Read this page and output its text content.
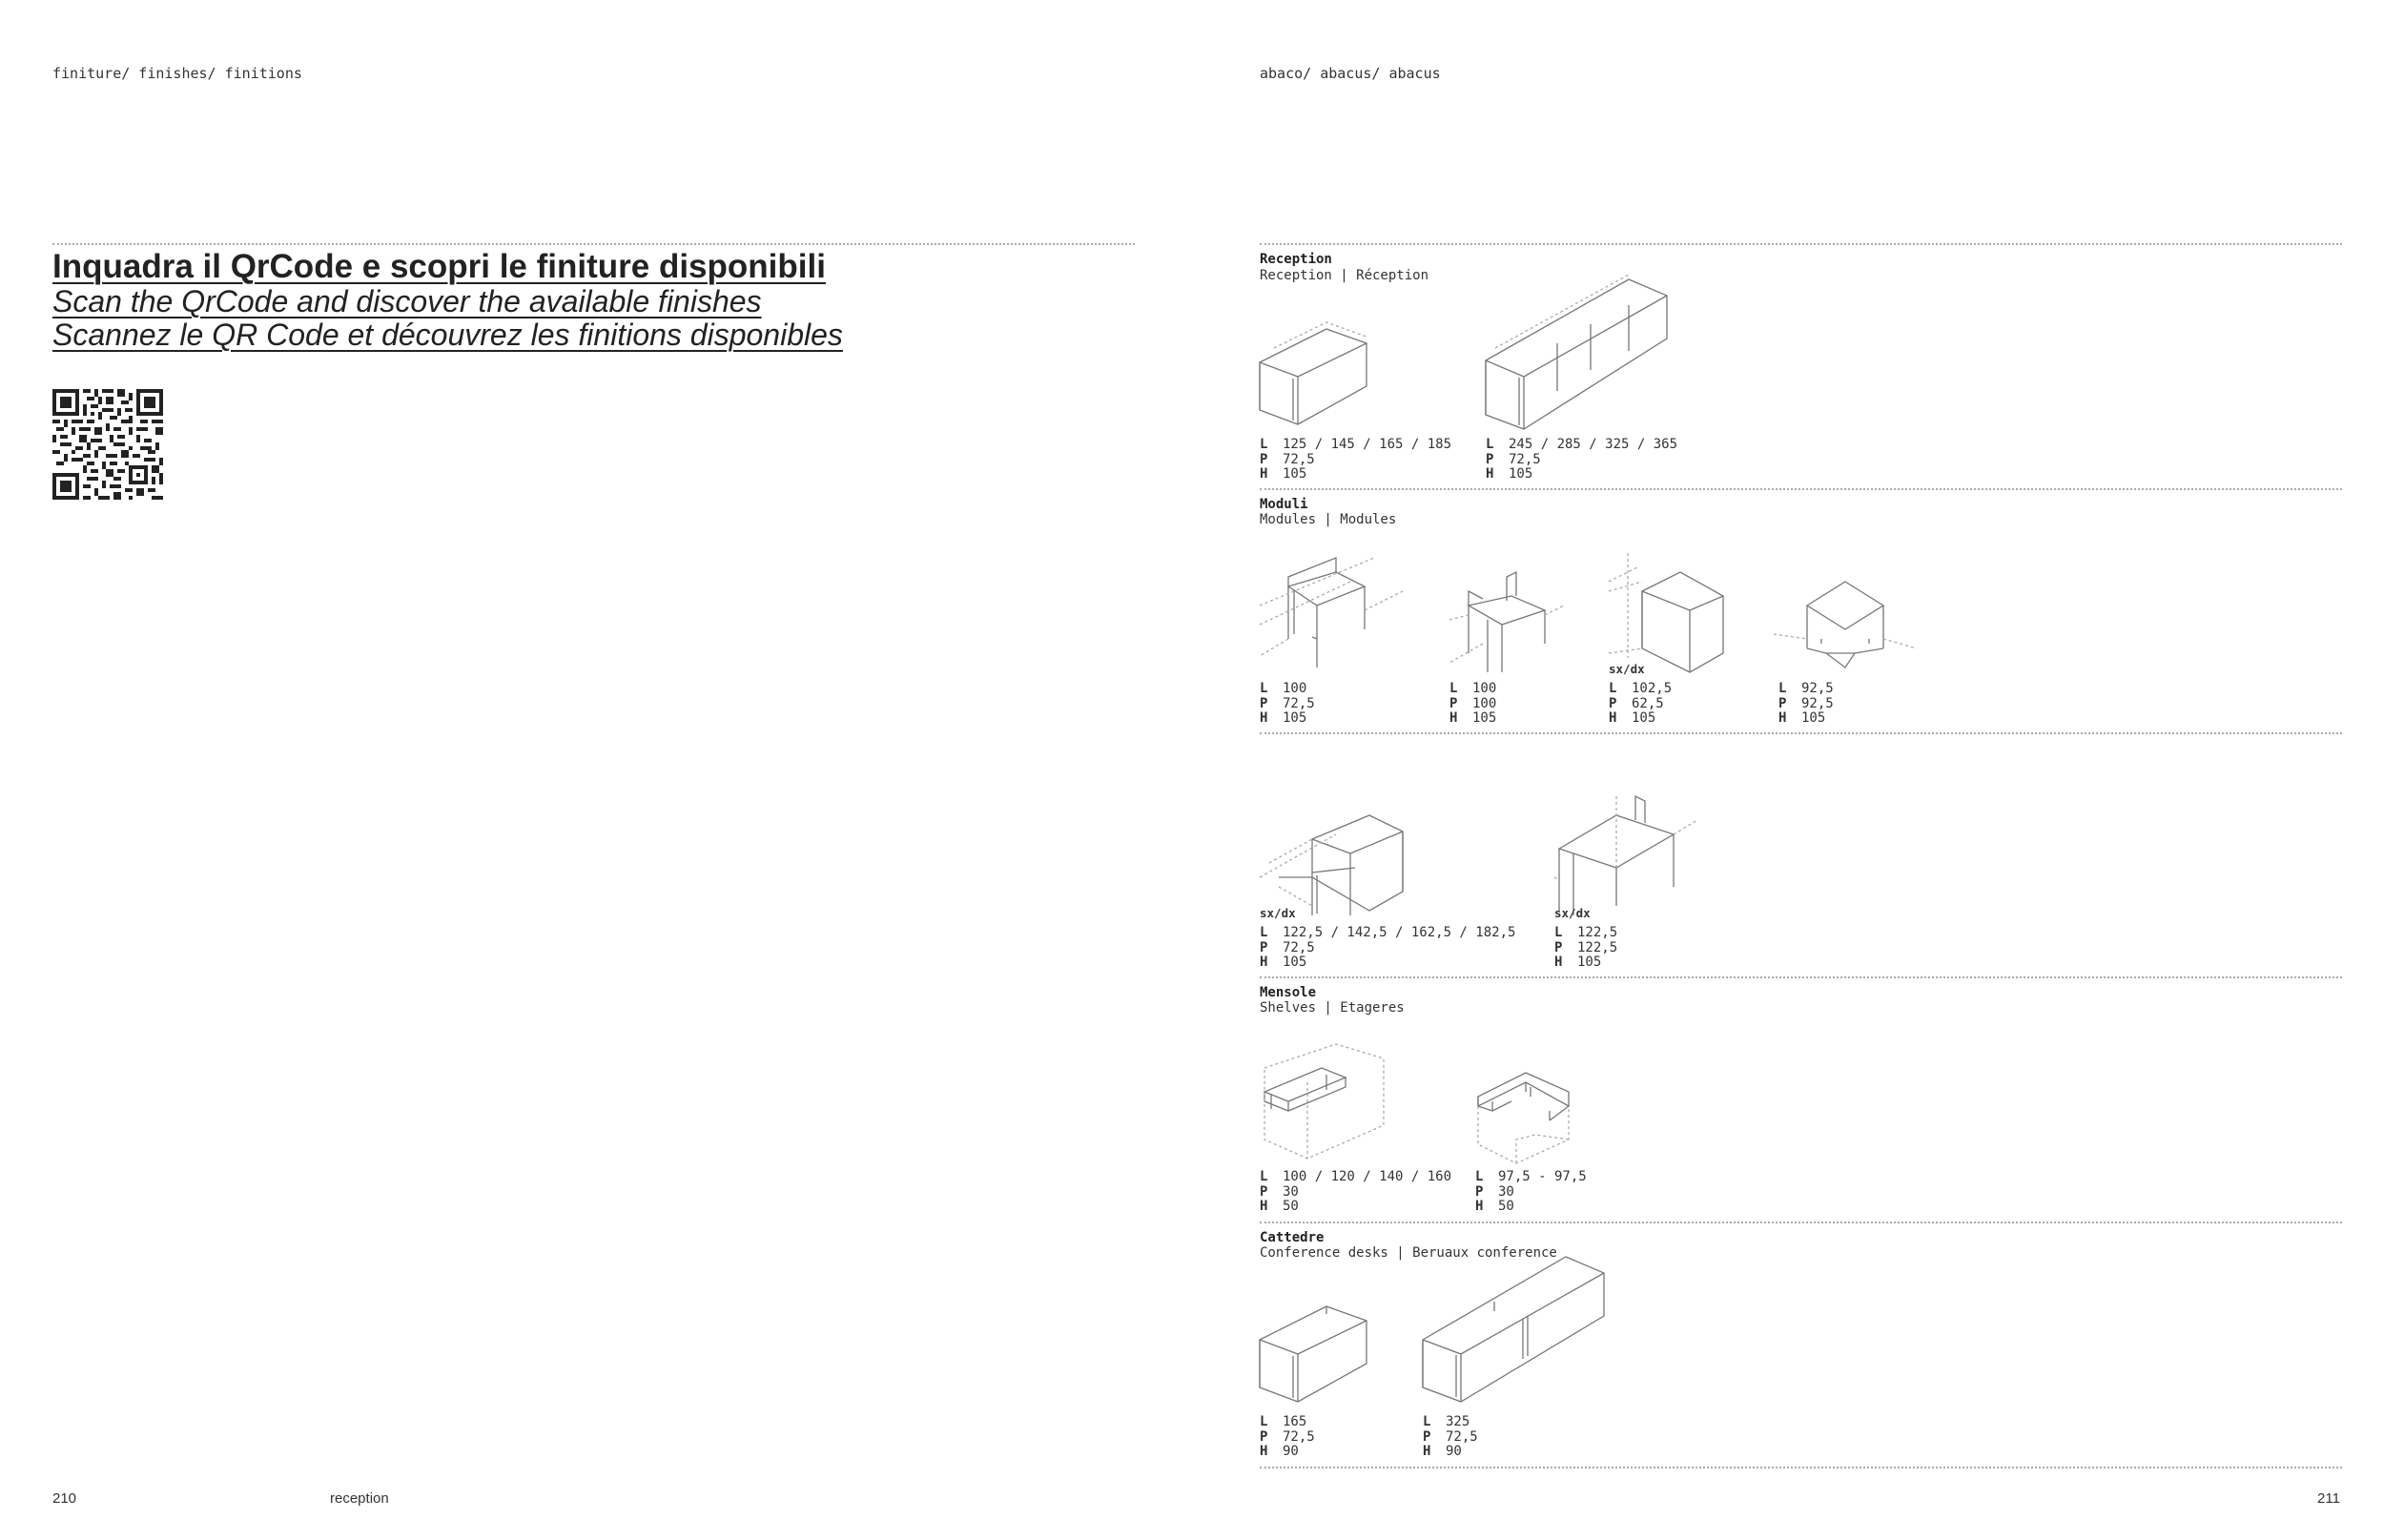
finiture/ finishes/ finitions	abaco/ abacus/ abacus
Inquadra il QrCode e scopri le finiture disponibili
Scan the QrCode and discover the available finishes
Scannez le QR Code et découvrez les finitions disponibles
Reception
Reception | Réception
L 125 / 145 / 165 / 185
P 72,5
H 105
L 245 / 285 / 325 / 365
P 72,5
H 105
Moduli
Modules | Modules
sx/dx
L 100
P 72,5
H 105
L 100
P 100
H 105
L 102,5
P 62,5
H 105
L 92,5
P 92,5
H 105
sx/dx	sx/dx
L 122,5 / 142,5 / 162,5 / 182,5
P 72,5
H 105
L 122,5
P 122,5
H 105
Mensole
Shelves | Etageres
L 100 / 120 / 140 / 160
P 30
H 50
L 97,5 - 97,5
P 30
H 50
Cattedre
Conference desks | Beruaux conference
L 165
P 72,5
H 90
L 325
P 72,5
H 90
210	reception	211
